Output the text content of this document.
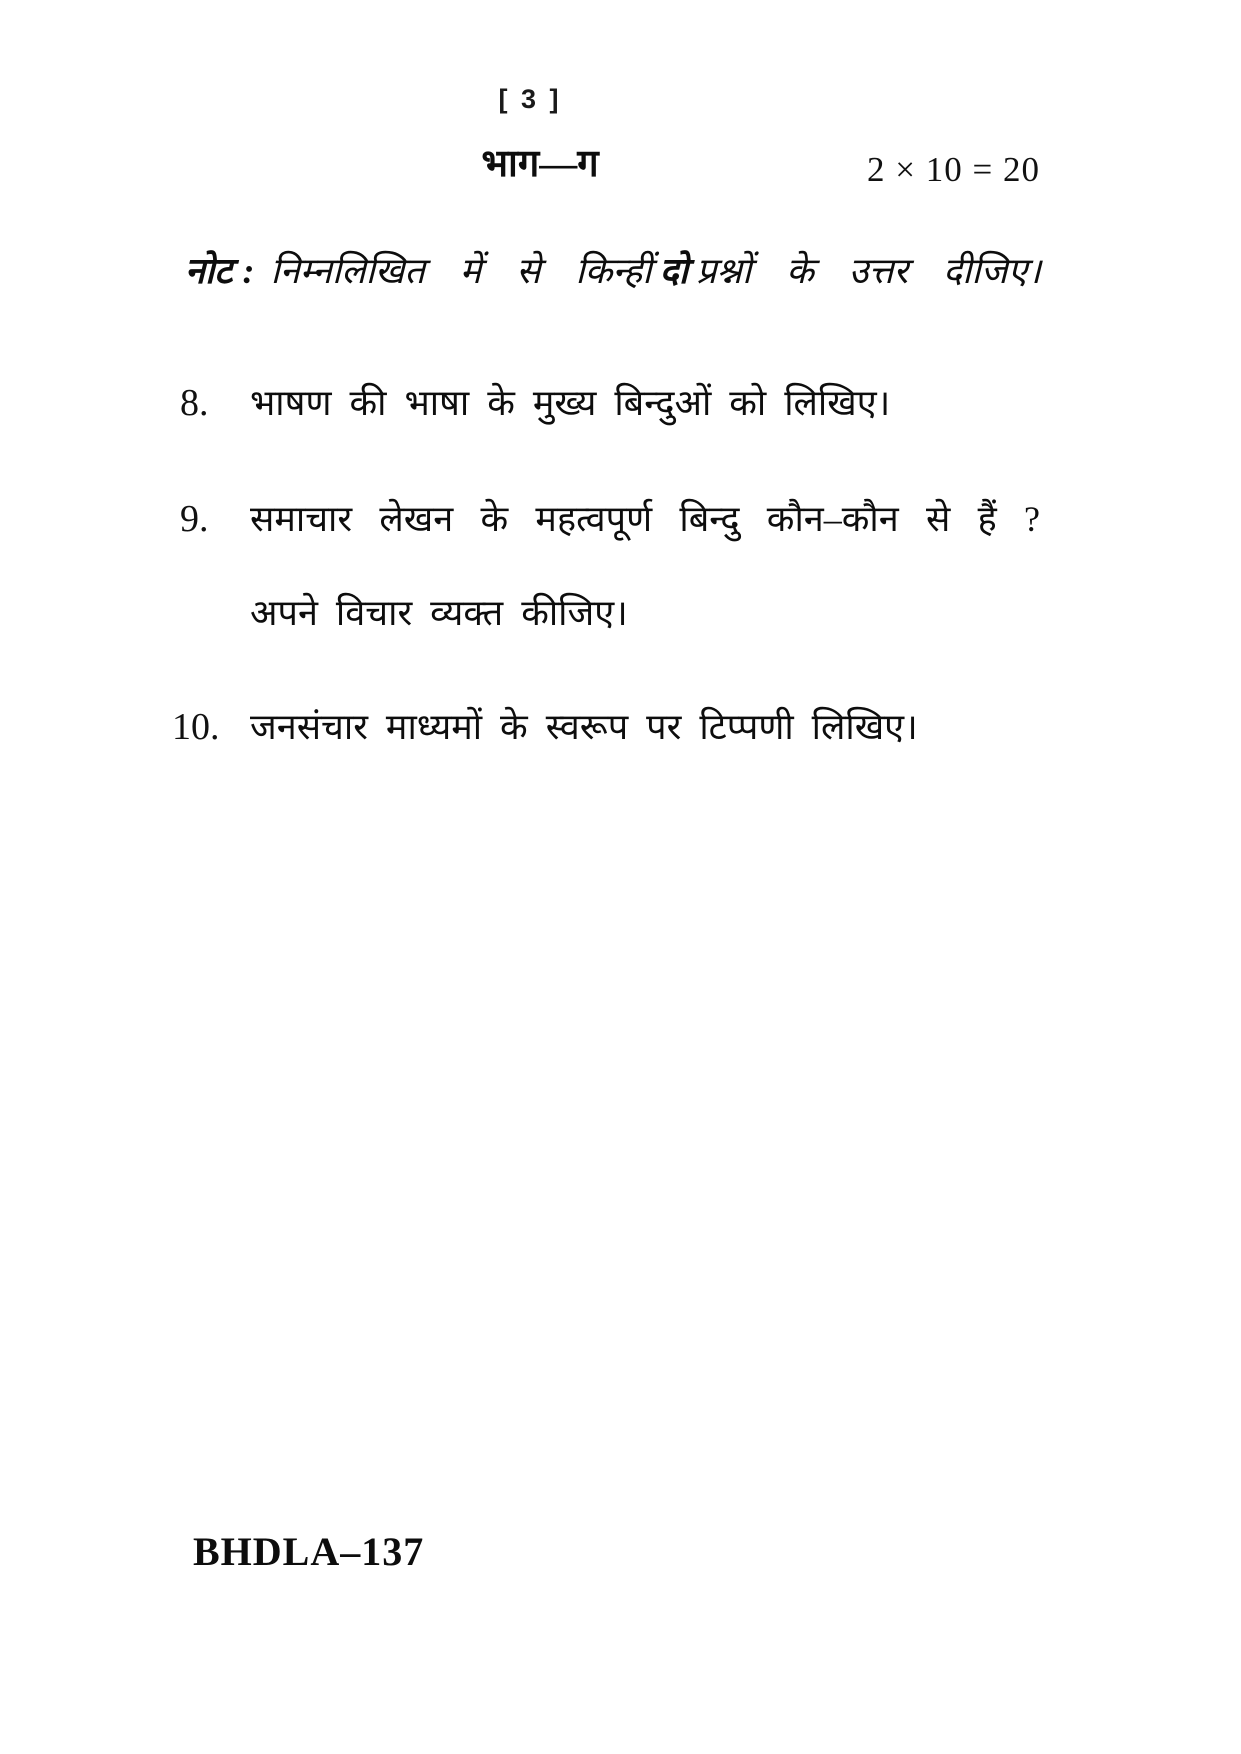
[ 3 ]
भाग—ग	2 × 10 = 20

नोट : निम्नलिखित में से किन्हीं दो प्रश्नों के उत्तर दीजिए।

8.	भाषण की भाषा के मुख्य बिन्दुओं को लिखिए।
9.	समाचार लेखन के महत्वपूर्ण बिन्दु कौन–कौन से हैं ?
अपने विचार व्यक्त कीजिए।
10. जनसंचार माध्यमों के स्वरूप पर टिप्पणी लिखिए।
BHDLA–137
